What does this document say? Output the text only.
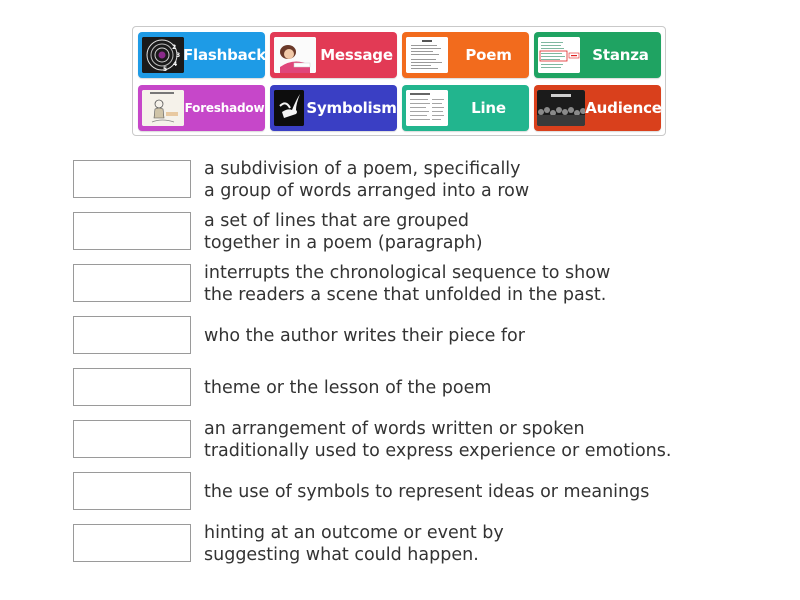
2
3
4
5
Flashback	Message	Poem	Stanza
Foreshadow	Symbolism	Line	Audience
a subdivision of a poem, specifically
a group of words arranged into a row
a set of lines that are grouped
together in a poem (paragraph)
interrupts the chronological sequence to show
the readers a scene that unfolded in the past.
who the author writes their piece for
theme or the lesson of the poem
an arrangement of words written or spoken
traditionally used to express experience or emotions.
the use of symbols to represent ideas or meanings
hinting at an outcome or event by
suggesting what could happen.
